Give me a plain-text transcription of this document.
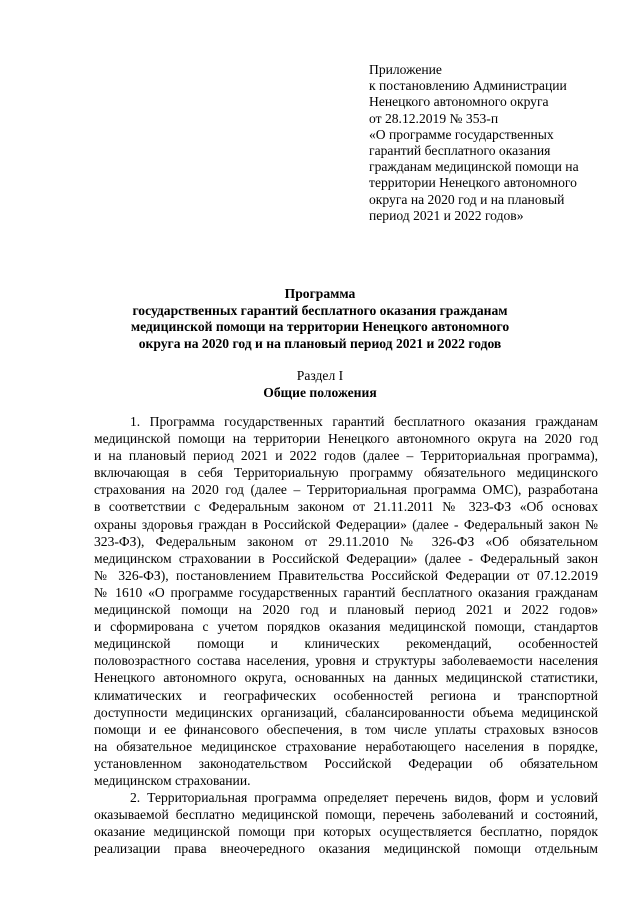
Приложение
к постановлению Администрации
Ненецкого автономного округа
от 28.12.2019 № 353-п
«О программе государственных
гарантий бесплатного оказания
гражданам медицинской помощи на
территории Ненецкого автономного
округа на 2020 год и на плановый
период 2021 и 2022 годов»
Программа
государственных гарантий бесплатного оказания гражданам
медицинской помощи на территории Ненецкого автономного
округа на 2020 год и на плановый период 2021 и 2022 годов
Раздел I
Общие положения
1. Программа государственных гарантий бесплатного оказания гражданам
медицинской помощи на территории Ненецкого автономного округа на 2020 год
и на плановый период 2021 и 2022 годов (далее – Территориальная программа),
включающая в себя Территориальную программу обязательного медицинского
страхования на 2020 год (далее – Территориальная программа ОМС), разработана
в соответствии с Федеральным законом от 21.11.2011 № 323-ФЗ «Об основах
охраны здоровья граждан в Российской Федерации» (далее - Федеральный закон №
323-ФЗ), Федеральным законом от 29.11.2010 № 326-ФЗ «Об обязательном
медицинском страховании в Российской Федерации» (далее - Федеральный закон
№ 326-ФЗ), постановлением Правительства Российской Федерации от 07.12.2019
№ 1610 «О программе государственных гарантий бесплатного оказания гражданам
медицинской помощи на 2020 год и плановый период 2021 и 2022 годов»
и сформирована с учетом порядков оказания медицинской помощи, стандартов
медицинской помощи и клинических рекомендаций, особенностей
половозрастного состава населения, уровня и структуры заболеваемости населения
Ненецкого автономного округа, основанных на данных медицинской статистики,
климатических и географических особенностей региона и транспортной
доступности медицинских организаций, сбалансированности объема медицинской
помощи и ее финансового обеспечения, в том числе уплаты страховых взносов
на обязательное медицинское страхование неработающего населения в порядке,
установленном законодательством Российской Федерации об обязательном
медицинском страховании.
2. Территориальная программа определяет перечень видов, форм и условий
оказываемой бесплатно медицинской помощи, перечень заболеваний и состояний,
оказание медицинской помощи при которых осуществляется бесплатно, порядок
реализации права внеочередного оказания медицинской помощи отдельным
